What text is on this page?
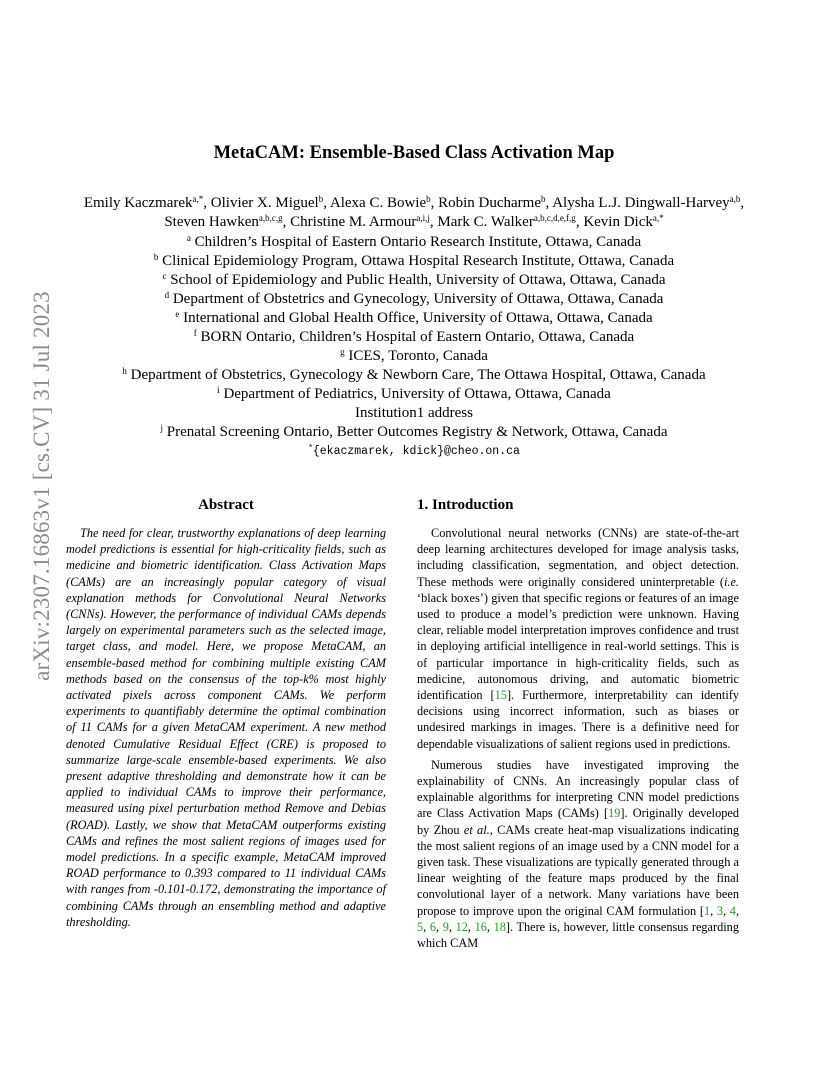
arXiv:2307.16863v1 [cs.CV] 31 Jul 2023
MetaCAM: Ensemble-Based Class Activation Map
Emily Kaczmarek$^{a,*}$, Olivier X. Miguel$^b$, Alexa C. Bowie$^b$, Robin Ducharme$^b$, Alysha L.J. Dingwall-Harvey$^{a,b}$,
Steven Hawken$^{a,b,c,g}$, Christine M. Armour$^{a,i,j}$, Mark C. Walker$^{a,b,c,d,e,f,g}$, Kevin Dick$^{a,*}$
$^a$ Children’s Hospital of Eastern Ontario Research Institute, Ottawa, Canada
$^b$ Clinical Epidemiology Program, Ottawa Hospital Research Institute, Ottawa, Canada
$^c$ School of Epidemiology and Public Health, University of Ottawa, Ottawa, Canada
$^d$ Department of Obstetrics and Gynecology, University of Ottawa, Ottawa, Canada
$^e$ International and Global Health Office, University of Ottawa, Ottawa, Canada
$^f$ BORN Ontario, Children’s Hospital of Eastern Ontario, Ottawa, Canada
$^g$ ICES, Toronto, Canada
$^h$ Department of Obstetrics, Gynecology & Newborn Care, The Ottawa Hospital, Ottawa, Canada
$^i$ Department of Pediatrics, University of Ottawa, Ottawa, Canada
Institution1 address
$^j$ Prenatal Screening Ontario, Better Outcomes Registry & Network, Ottawa, Canada
*{ekaczmarek, kdick}@cheo.on.ca
Abstract

The need for clear, trustworthy explanations of deep learning model predictions is essential for high-criticality fields, such as medicine and biometric identification. Class Activation Maps (CAMs) are an increasingly popular category of visual explanation methods for Convolutional Neural Networks (CNNs). However, the performance of individual CAMs depends largely on experimental parameters such as the selected image, target class, and model. Here, we propose MetaCAM, an ensemble-based method for combining multiple existing CAM methods based on the consensus of the top-k% most highly activated pixels across component CAMs. We perform experiments to quantifiably determine the optimal combination of 11 CAMs for a given MetaCAM experiment. A new method denoted Cumulative Residual Effect (CRE) is proposed to summarize large-scale ensemble-based experiments. We also present adaptive thresholding and demonstrate how it can be applied to individual CAMs to improve their performance, measured using pixel perturbation method Remove and Debias (ROAD). Lastly, we show that MetaCAM outperforms existing CAMs and refines the most salient regions of images used for model predictions. In a specific example, MetaCAM improved ROAD performance to 0.393 compared to 11 individual CAMs with ranges from -0.101-0.172, demonstrating the importance of combining CAMs through an ensembling method and adaptive thresholding.

1. Introduction

Convolutional neural networks (CNNs) are state-of-the-art deep learning architectures developed for image analysis tasks, including classification, segmentation, and object detection. These methods were originally considered uninterpretable (i.e. ‘black boxes’) given that specific regions or features of an image used to produce a model’s prediction were unknown. Having clear, reliable model interpretation improves confidence and trust in deploying artificial intelligence in real-world settings. This is of particular importance in high-criticality fields, such as medicine, autonomous driving, and automatic biometric identification [15]. Furthermore, interpretability can identify decisions using incorrect information, such as biases or undesired markings in images. There is a definitive need for dependable visualizations of salient regions used in predictions.

Numerous studies have investigated improving the explainability of CNNs. An increasingly popular class of explainable algorithms for interpreting CNN model predictions are Class Activation Maps (CAMs) [19]. Originally developed by Zhou et al., CAMs create heat-map visualizations indicating the most salient regions of an image used by a CNN model for a given task. These visualizations are typically generated through a linear weighting of the feature maps produced by the final convolutional layer of a network. Many variations have been propose to improve upon the original CAM formulation [1, 3, 4, 5, 6, 9, 12, 16, 18]. There is, however, little consensus regarding which CAM
